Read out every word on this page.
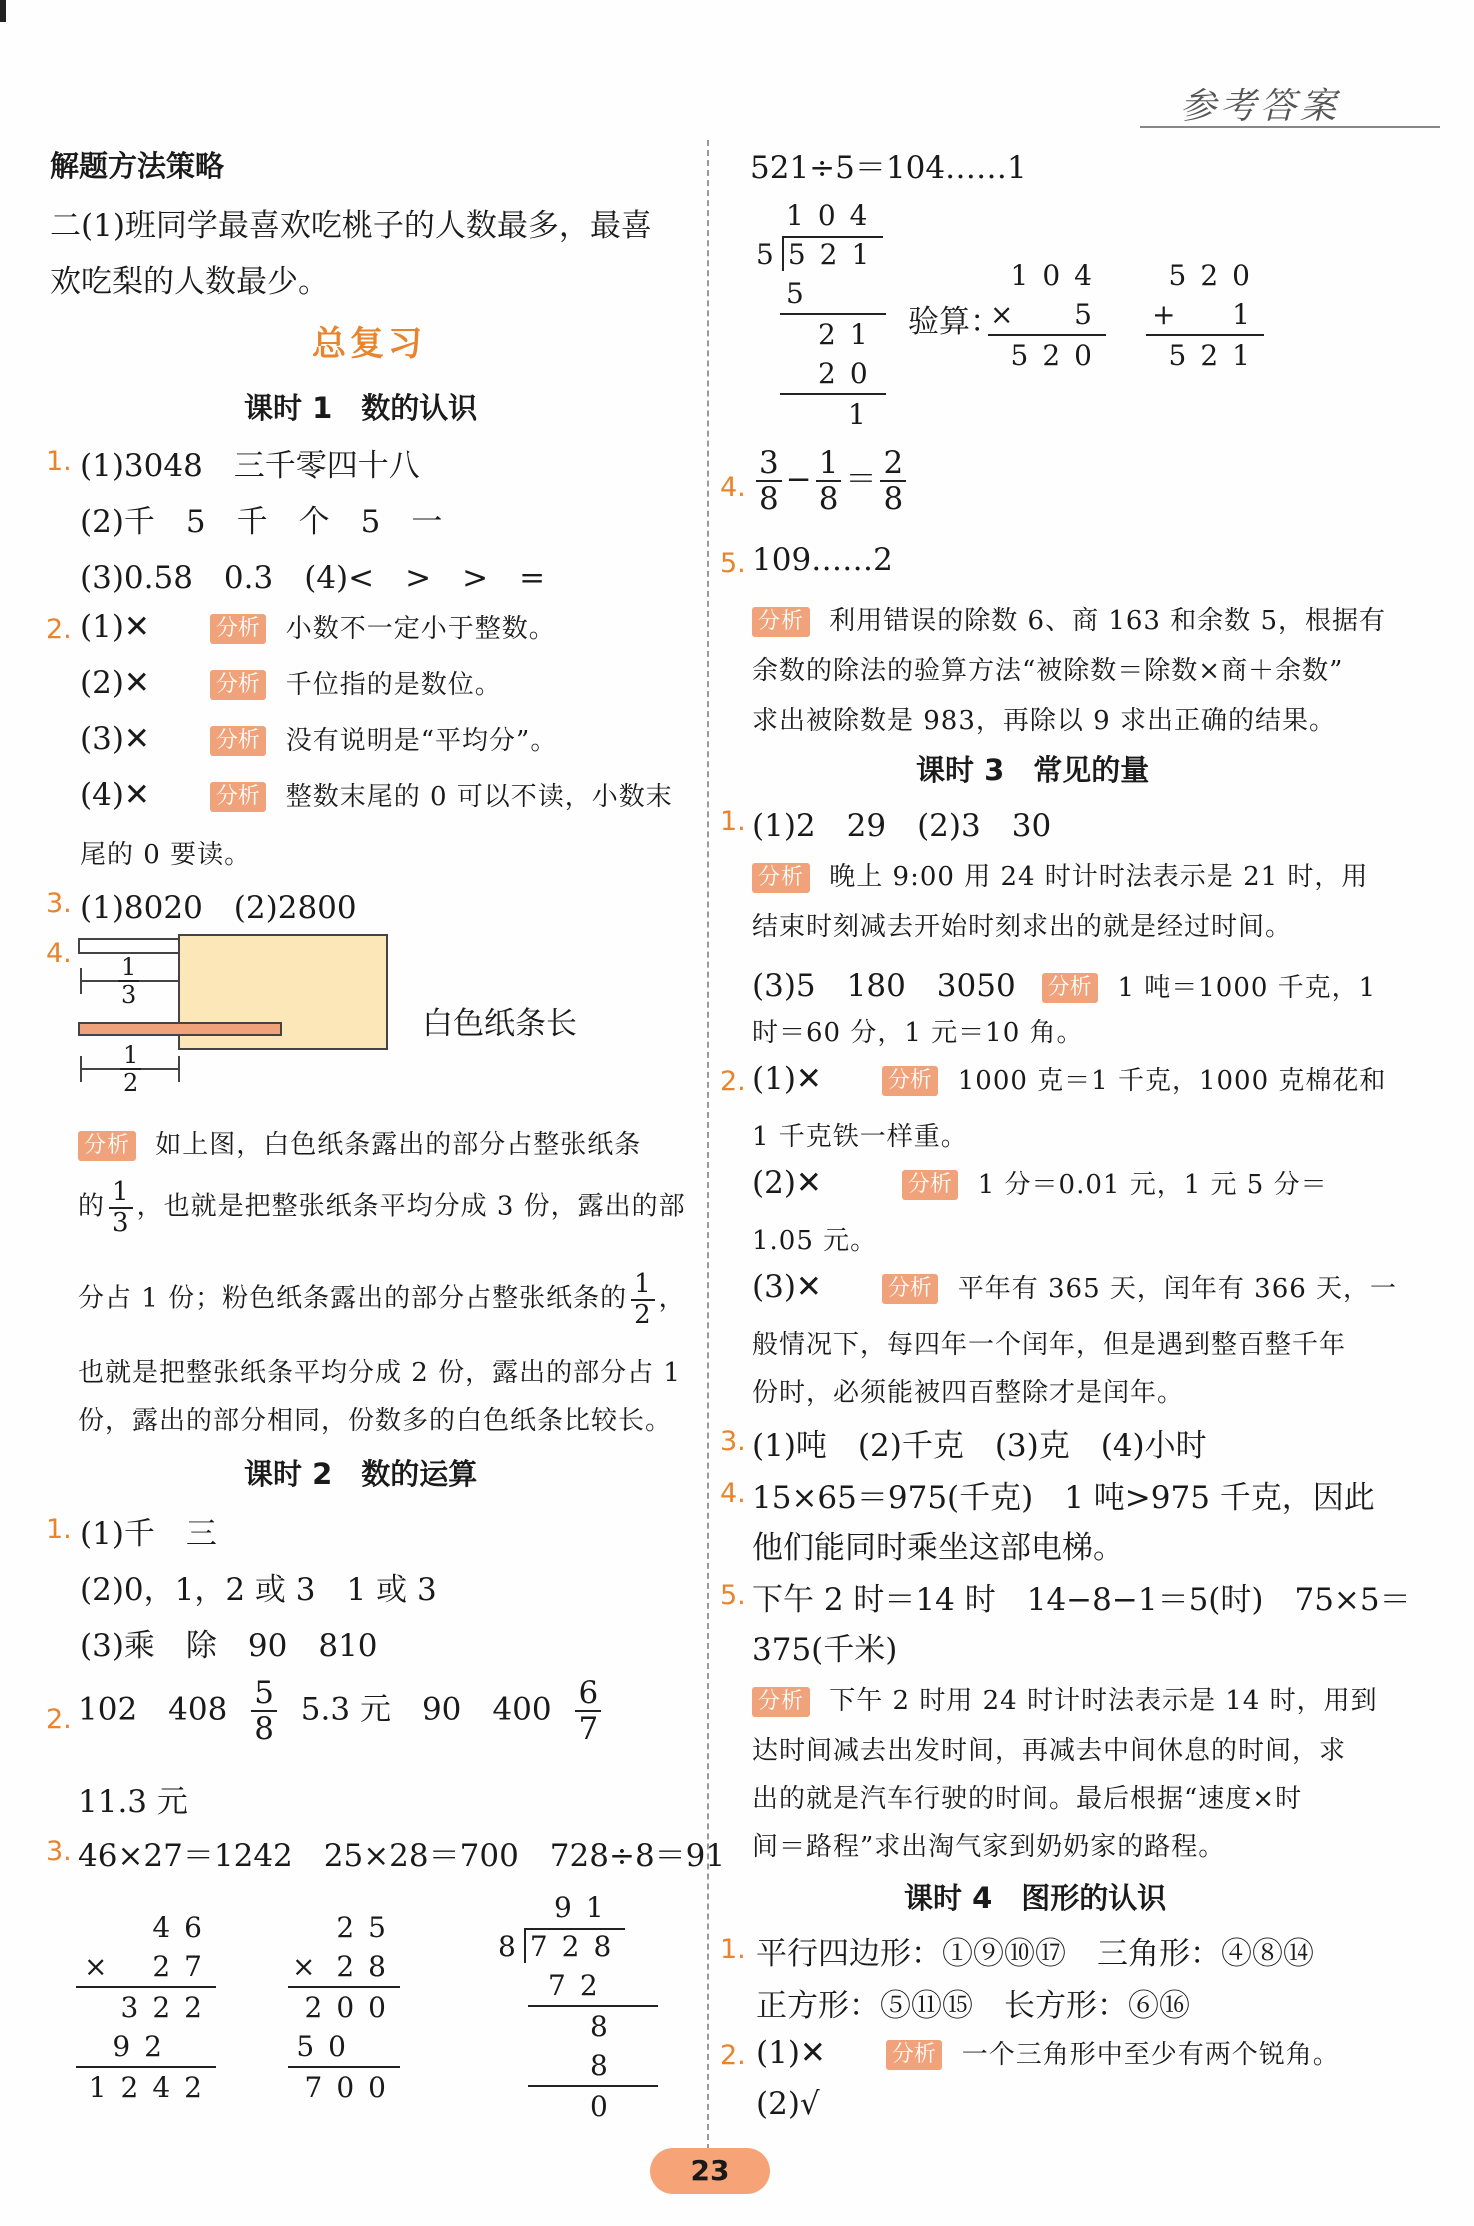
参考答案
解题方法策略
二(1)班同学最喜欢吃桃子的人数最多，最喜
欢吃梨的人数最少。
总复习
课时 1　数的认识
1. (1)3048　三千零四十八
(2)千　5　千　个　5　一
(3)0.58　0.3　(4)<　>　>　=
2. (1)✕	分析 小数不一定小于整数。
(2)✕	分析 千位指的是数位。
(3)✕	分析 没有说明是“平均分”。
(4)✕	分析 整数末尾的 0 可以不读，小数末
尾的 0 要读。
3. (1)8020　(2)2800
4.
$\frac{1}{3}$
$\frac{1}{2}$
白色纸条长
分析 如上图，白色纸条露出的部分占整张纸条
的 $\frac{1}{3}$ ，也就是把整张纸条平均分成 3 份，露出的部
分占 1 份；粉色纸条露出的部分占整张纸条的 $\frac{1}{2}$ ，
也就是把整张纸条平均分成 2 份，露出的部分占 1
份，露出的部分相同，份数多的白色纸条比较长。
课时 2　数的运算
1. (1)千　三
(2)0，1，2 或 3　1 或 3
(3)乘　除　90　810
2. 102　$408 \frac{5}{8} 5.3$ 元　90　$400 \frac{6}{7}$
11.3 元
3. 46×27＝1242　25×28＝700　728÷8＝91
46
× 27
322
92
1242
25
× 28
200
50
700
91
8728
72
8
8
0
521÷5＝104……1
104
5521
5
21
20
1
验算：
104
× 5
520
520
+ 1
521
4. $\frac{3}{8} - \frac{1}{8} = \frac{2}{8}$
5. 109……2
分析 利用错误的除数 6、商 163 和余数 5，根据有
余数的除法的验算方法“被除数＝除数×商＋余数”
求出被除数是 983，再除以 9 求出正确的结果。
课时 3　常见的量
1. (1)2　29　(2)3　30
分析 晚上 9:00 用 24 时计时法表示是 21 时，用
结束时刻减去开始时刻求出的就是经过时间。
(3)5　180　3050 分析 1 吨＝1000 千克，1
时＝60 分，1 元＝10 角。
2. (1)✕	分析 1000 克＝1 千克，1000 克棉花和
1 千克铁一样重。
(2)✕	分析 1 分＝0.01 元，1 元 5 分＝
1.05 元。
(3)✕	分析 平年有 365 天，闰年有 366 天，一
般情况下，每四年一个闰年，但是遇到整百整千年
份时，必须能被四百整除才是闰年。
3. (1)吨　(2)千克　(3)克　(4)小时
4. 15×65＝975(千克)　1 吨>975 千克，因此
他们能同时乘坐这部电梯。
5. 下午 2 时＝14 时　14−8−1＝5(时)　75×5＝
375(千米)
分析 下午 2 时用 24 时计时法表示是 14 时，用到
达时间减去出发时间，再减去中间休息的时间，求
出的就是汽车行驶的时间。最后根据“速度×时
间＝路程”求出淘气家到奶奶家的路程。
课时 4　图形的认识
1. 平行四边形：①⑨⑩⑰　三角形：④⑧⑭
正方形：⑤⑪⑮　长方形：⑥⑯
2. (1)✕	分析 一个三角形中至少有两个锐角。
(2)√
23
